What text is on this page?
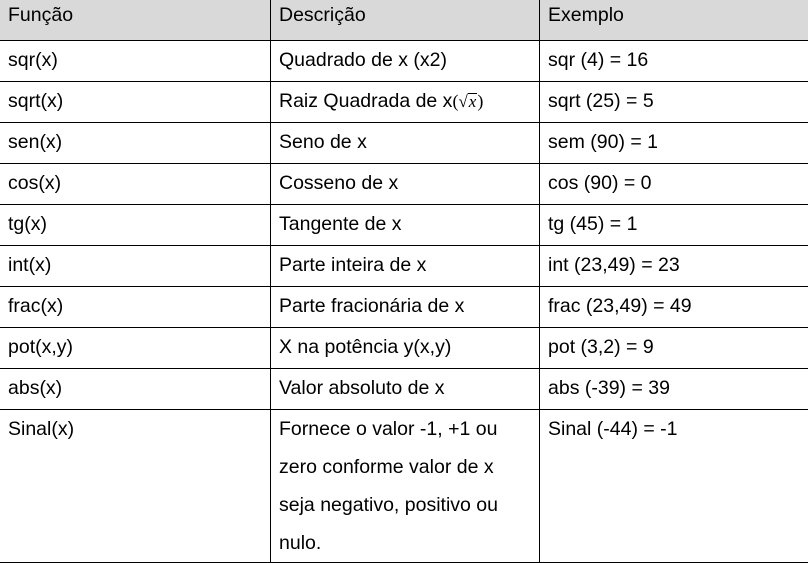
Função	Descrição	Exemplo
sqr(x)	Quadrado de x (x2)	sqr (4) = 16
sqrt(x)	Raiz Quadrada de x(√x)	sqrt (25) = 5
sen(x)	Seno de x	sem (90) = 1
cos(x)	Cosseno de x	cos (90) = 0
tg(x)	Tangente de x	tg (45) = 1
int(x)	Parte inteira de x	int (23,49) = 23
frac(x)	Parte fracionária de x	frac (23,49) = 49
pot(x,y)	X na potência y(x,y)	pot (3,2) = 9
abs(x)	Valor absoluto de x	abs (-39) = 39
Sinal(x)	Fornece o valor -1, +1 ou zero conforme valor de x seja negativo, positivo ou nulo.	Sinal (-44) = -1
